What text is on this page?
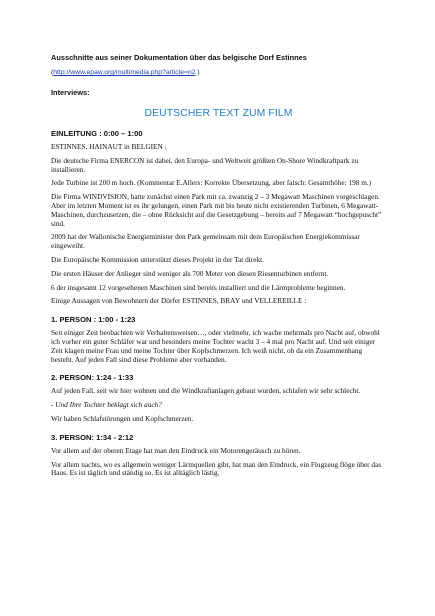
Ausschnitte aus seiner Dokumentation über das belgische Dorf Estinnes

(http://www.epaw.org/multimedia.php?article=n2 )

Interviews:

DEUTSCHER TEXT ZUM FILM

EINLEITUNG : 0:00 – 1:00

ESTINNES, HAINAUT in BELGIEN :

Die deutsche Firma ENERCON ist dabei, den Europa- und Weltweit größten On-Shore Windkraftpark zu installieren.

Jede Turbine ist 200 m hoch. (Kommentar E.Allers: Korrekte Übersetzung, aber falsch: Gesamthöhe: 198 m.)

Die Firma WINDVISION, hatte zunächst einen Park mit ca. zwanzig 2 – 3 Megawatt Maschinen vorgeschlagen. Aber im letzten Moment ist es ihr gelungen, einen Park mit bis heute nicht existierenden Turbinen, 6 Megawatt-Maschinen, durchzusetzen, die – ohne Rücksicht auf die Gesetzgebung – bereits auf 7 Megawatt “hochgepuscht” sind.

2009 hat der Wallonische Energieminister den Park gemeinsam mit dem Europäischen Energiekommissar eingeweiht.

Die Europäische Kommission unterstützt dieses Projekt in der Tat direkt.

Die ersten Häuser der Anlieger sind weniger als 700 Meter von diesen Riesenturbinen entfernt.

6 der insgesamt 12 vorgesehenen Maschinen sind bereits installiert und die Lärmprobleme beginnen.

Einige Aussagen von Bewohnern der Dörfer ESTINNES, BRAY und VELLEREILLE :

1. PERSON : 1:00 - 1:23

Seit einiger Zeit beobachten wir Verhaltensweisen…, oder vielmehr, ich wache mehrmals pro Nacht auf, obwohl ich vorher ein guter Schläfer war und besonders meine Tochter wacht 3 – 4 mal pro Nacht auf. Und seit einiger Zeit klagen meine Frau und meine Tochter über Kopfschmerzen. Ich weiß nicht, ob da ein Zusammenhang besteht. Auf jeden Fall sind diese Probleme aber vorhanden.

2. PERSON: 1:24 - 1:33

Auf jeden Fall, seit wir hier wohnen und die Windkraftanlagen gebaut wurden, schlafen wir sehr schlecht.

- Und Ihre Tochter beklagt sich auch?

Wir haben Schlafstörungen und Kopfschmerzen.

3. PERSON: 1:34 - 2:12

Vor allem auf der oberen Etage hat man den Eindruck ein Motorengeräusch zu hören.

Vor allem nachts, wo es allgemein weniger Lärmquellen gibt, hat man den Eindruck, ein Flugzeug flöge über das Haus. Es ist täglich und ständig so. Es ist alltäglich lästig.
